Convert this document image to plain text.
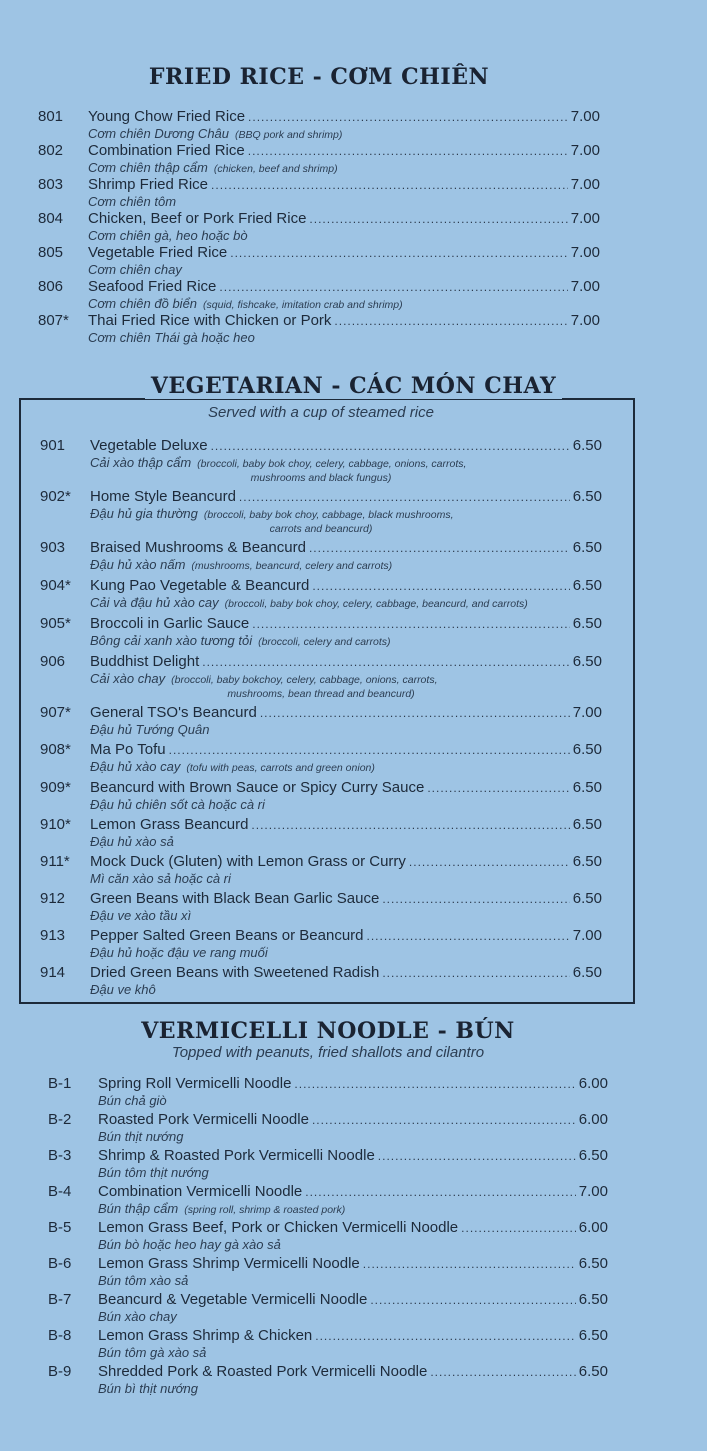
FRIED RICE - CƠM CHIÊN
801	Young Chow Fried Rice .....	7.00
Cơm chiên Dương Châu (BBQ pork and shrimp)
802	Combination Fried Rice .....	7.00
Cơm chiên thập cẩm (chicken, beef and shrimp)
803	Shrimp Fried Rice .....	7.00
Cơm chiên tôm
804	Chicken, Beef or Pork Fried Rice .....	7.00
Cơm chiên gà, heo hoặc bò
805	Vegetable Fried Rice .....	7.00
Cơm chiên chay
806	Seafood Fried Rice .....	7.00
Cơm chiên đồ biển (squid, fishcake, imitation crab and shrimp)
807*	Thai Fried Rice with Chicken or Pork .....	7.00
Cơm chiên Thái gà hoặc heo
VEGETARIAN - CÁC MÓN CHAY
Served with a cup of steamed rice
901	Vegetable Deluxe .....	6.50
Cải xào thập cẩm (broccoli, baby bok choy, celery, cabbage, onions, carrots,
mushrooms and black fungus)
902*	Home Style Beancurd .....	6.50
Đậu hủ gia thường (broccoli, baby bok choy, cabbage, black mushrooms,
carrots and beancurd)
903	Braised Mushrooms & Beancurd .....	6.50
Đậu hủ xào nấm (mushrooms, beancurd, celery and carrots)
904*	Kung Pao Vegetable & Beancurd .....	6.50
Cải và đậu hủ xào cay (broccoli, baby bok choy, celery, cabbage, beancurd, and carrots)
905*	Broccoli in Garlic Sauce .....	6.50
Bông cải xanh xào tương tỏi (broccoli, celery and carrots)
906	Buddhist Delight .....	6.50
Cải xào chay (broccoli, baby bokchoy, celery, cabbage, onions, carrots,
mushrooms, bean thread and beancurd)
907*	General TSO's Beancurd .....	7.00
Đậu hủ Tướng Quân
908*	Ma Po Tofu .....	6.50
Đậu hủ xào cay (tofu with peas, carrots and green onion)
909*	Beancurd with Brown Sauce or Spicy Curry Sauce .....	6.50
Đậu hủ chiên sốt cà hoặc cà ri
910*	Lemon Grass Beancurd .....	6.50
Đậu hủ xào sả
911*	Mock Duck (Gluten) with Lemon Grass or Curry .....	6.50
Mì căn xào sả hoặc cà ri
912	Green Beans with Black Bean Garlic Sauce .....	6.50
Đậu ve xào tầu xì
913	Pepper Salted Green Beans or Beancurd .....	7.00
Đậu hủ hoặc đậu ve rang muối
914	Dried Green Beans with Sweetened Radish .....	6.50
Đậu ve khô
VERMICELLI NOODLE - BÚN
Topped with peanuts, fried shallots and cilantro
B-1	Spring Roll Vermicelli Noodle .....	6.00
Bún chả giò
B-2	Roasted Pork Vermicelli Noodle .....	6.00
Bún thịt nướng
B-3	Shrimp & Roasted Pork Vermicelli Noodle .....	6.50
Bún tôm thịt nướng
B-4	Combination Vermicelli Noodle .....	7.00
Bún thập cẩm (spring roll, shrimp & roasted pork)
B-5	Lemon Grass Beef, Pork or Chicken Vermicelli Noodle .....	6.00
Bún bò hoặc heo hay gà xào sả
B-6	Lemon Grass Shrimp Vermicelli Noodle .....	6.50
Bún tôm xào sả
B-7	Beancurd & Vegetable Vermicelli Noodle .....	6.50
Bún xào chay
B-8	Lemon Grass Shrimp & Chicken .....	6.50
Bún tôm gà xào sả
B-9	Shredded Pork & Roasted Pork Vermicelli Noodle .....	6.50
Bún bì thịt nướng
